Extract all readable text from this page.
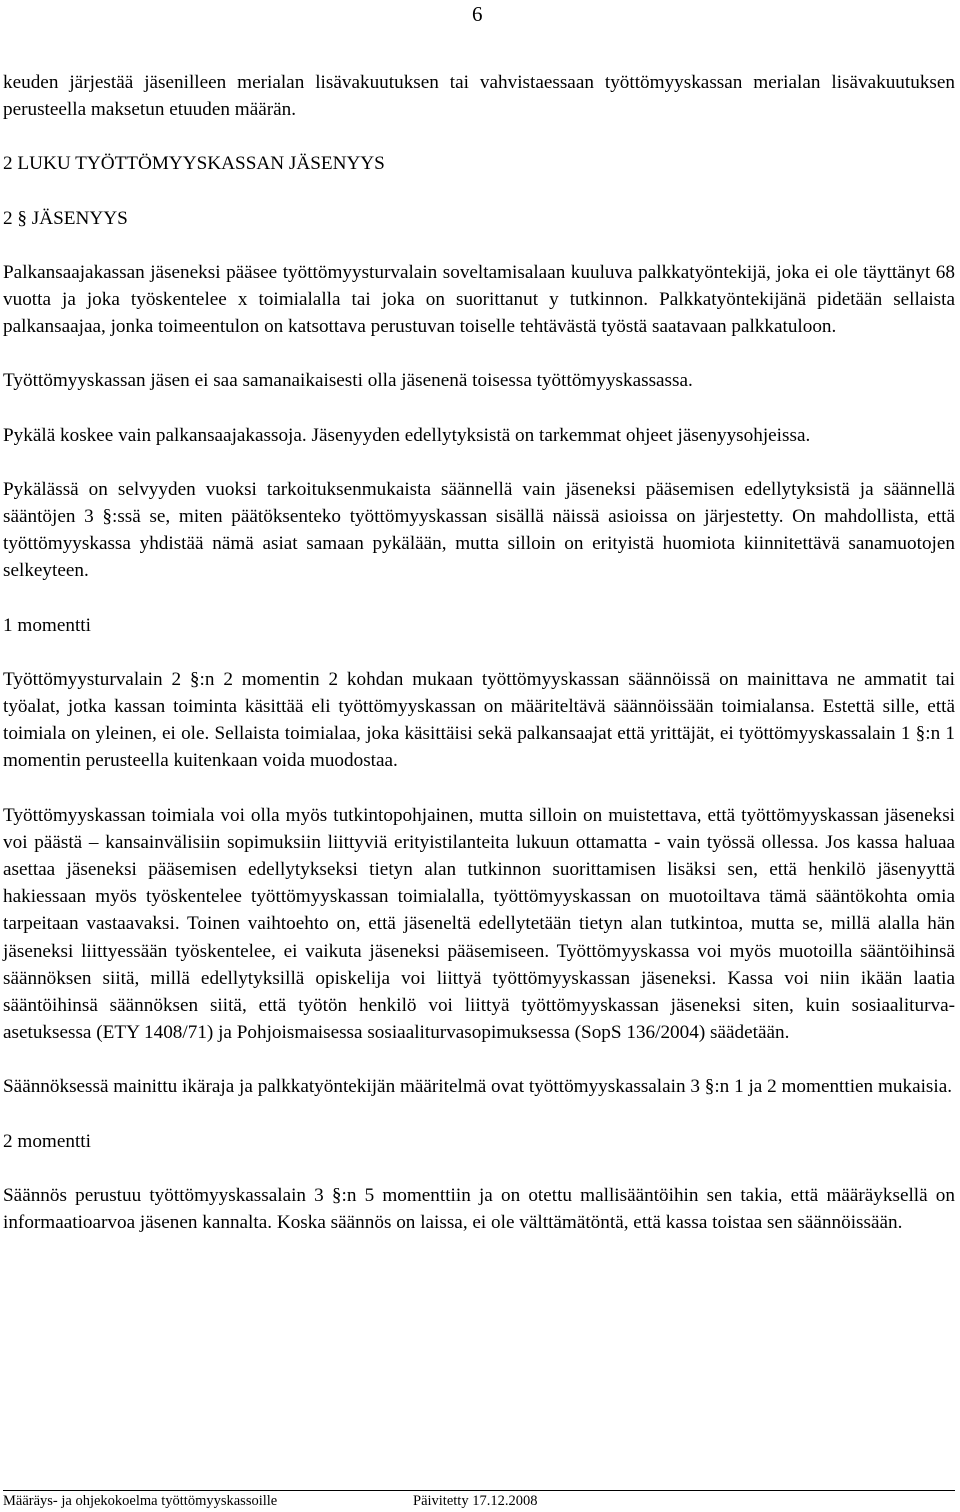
6

keuden järjestää jäsenilleen merialan lisävakuutuksen tai vahvistaessaan työttömyyskassan merialan lisävakuutuksen perusteella maksetun etuuden määrän.

2 LUKU TYÖTTÖMYYSKASSAN JÄSENYYS

2 § JÄSENYYS

Palkansaajakassan jäseneksi pääsee työttömyysturvalain soveltamisalaan kuuluva palkkatyöntekijä, joka ei ole täyttänyt 68 vuotta ja joka työskentelee x toimialalla tai joka on suorittanut y tutkinnon. Palkkatyöntekijänä pidetään sellaista palkansaajaa, jonka toimeentulon on katsottava perustuvan toiselle tehtävästä työstä saatavaan palkkatuloon.

Työttömyyskassan jäsen ei saa samanaikaisesti olla jäsenenä toisessa työttömyyskassassa.

Pykälä koskee vain palkansaajakassoja. Jäsenyyden edellytyksistä on tarkemmat ohjeet jäsenyysohjeissa.

Pykälässä on selvyyden vuoksi tarkoituksenmukaista säännellä vain jäseneksi pääsemisen edellytyksistä ja säännellä sääntöjen 3 §:ssä se, miten päätöksenteko työttömyyskassan sisällä näissä asioissa on järjestetty. On mahdollista, että työttömyyskassa yhdistää nämä asiat samaan pykälään, mutta silloin on erityistä huomiota kiinnitettävä sanamuotojen selkeyteen.

1 momentti

Työttömyysturvalain 2 §:n 2 momentin 2 kohdan mukaan työttömyyskassan säännöissä on mainittava ne ammatit tai työalat, jotka kassan toiminta käsittää eli työttömyyskassan on määriteltävä säännöissään toimialansa. Estettä sille, että toimiala on yleinen, ei ole. Sellaista toimialaa, joka käsittäisi sekä palkansaajat että yrittäjät, ei työttömyyskassalain 1 §:n 1 momentin perusteella kuitenkaan voida muodostaa.

Työttömyyskassan toimiala voi olla myös tutkintopohjainen, mutta silloin on muistettava, että työttömyyskassan jäseneksi voi päästä – kansainvälisiin sopimuksiin liittyviä erityistilanteita lukuun ottamatta - vain työssä ollessa. Jos kassa haluaa asettaa jäseneksi pääsemisen edellytykseksi tietyn alan tutkinnon suorittamisen lisäksi sen, että henkilö jäsenyyttä hakiessaan myös työskentelee työttömyyskassan toimialalla, työttömyyskassan on muotoiltava tämä sääntökohta omia tarpeitaan vastaavaksi. Toinen vaihtoehto on, että jäseneltä edellytetään tietyn alan tutkintoa, mutta se, millä alalla hän jäseneksi liittyessään työskentelee, ei vaikuta jäseneksi pääsemiseen. Työttömyyskassa voi myös muotoilla sääntöihinsä säännöksen siitä, millä edellytyksillä opiskelija voi liittyä työttömyyskassan jäseneksi. Kassa voi niin ikään laatia sääntöihinsä säännöksen siitä, että työtön henkilö voi liittyä työttömyyskassan jäseneksi siten, kuin sosiaaliturva-asetuksessa (ETY 1408/71) ja Pohjoismaisessa sosiaaliturvasopimuksessa (SopS 136/2004) säädetään.

Säännöksessä mainittu ikäraja ja palkkatyöntekijän määritelmä ovat työttömyyskassalain 3 §:n 1 ja 2 momenttien mukaisia.

2 momentti

Säännös perustuu työttömyyskassalain 3 §:n 5 momenttiin ja on otettu mallisääntöihin sen takia, että määräyksellä on informaatioarvoa jäsenen kannalta. Koska säännös on laissa, ei ole välttämätöntä, että kassa toistaa sen säännöissään.

Määräys- ja ohjekokoelma työttömyyskassoille	Päivitetty 17.12.2008
